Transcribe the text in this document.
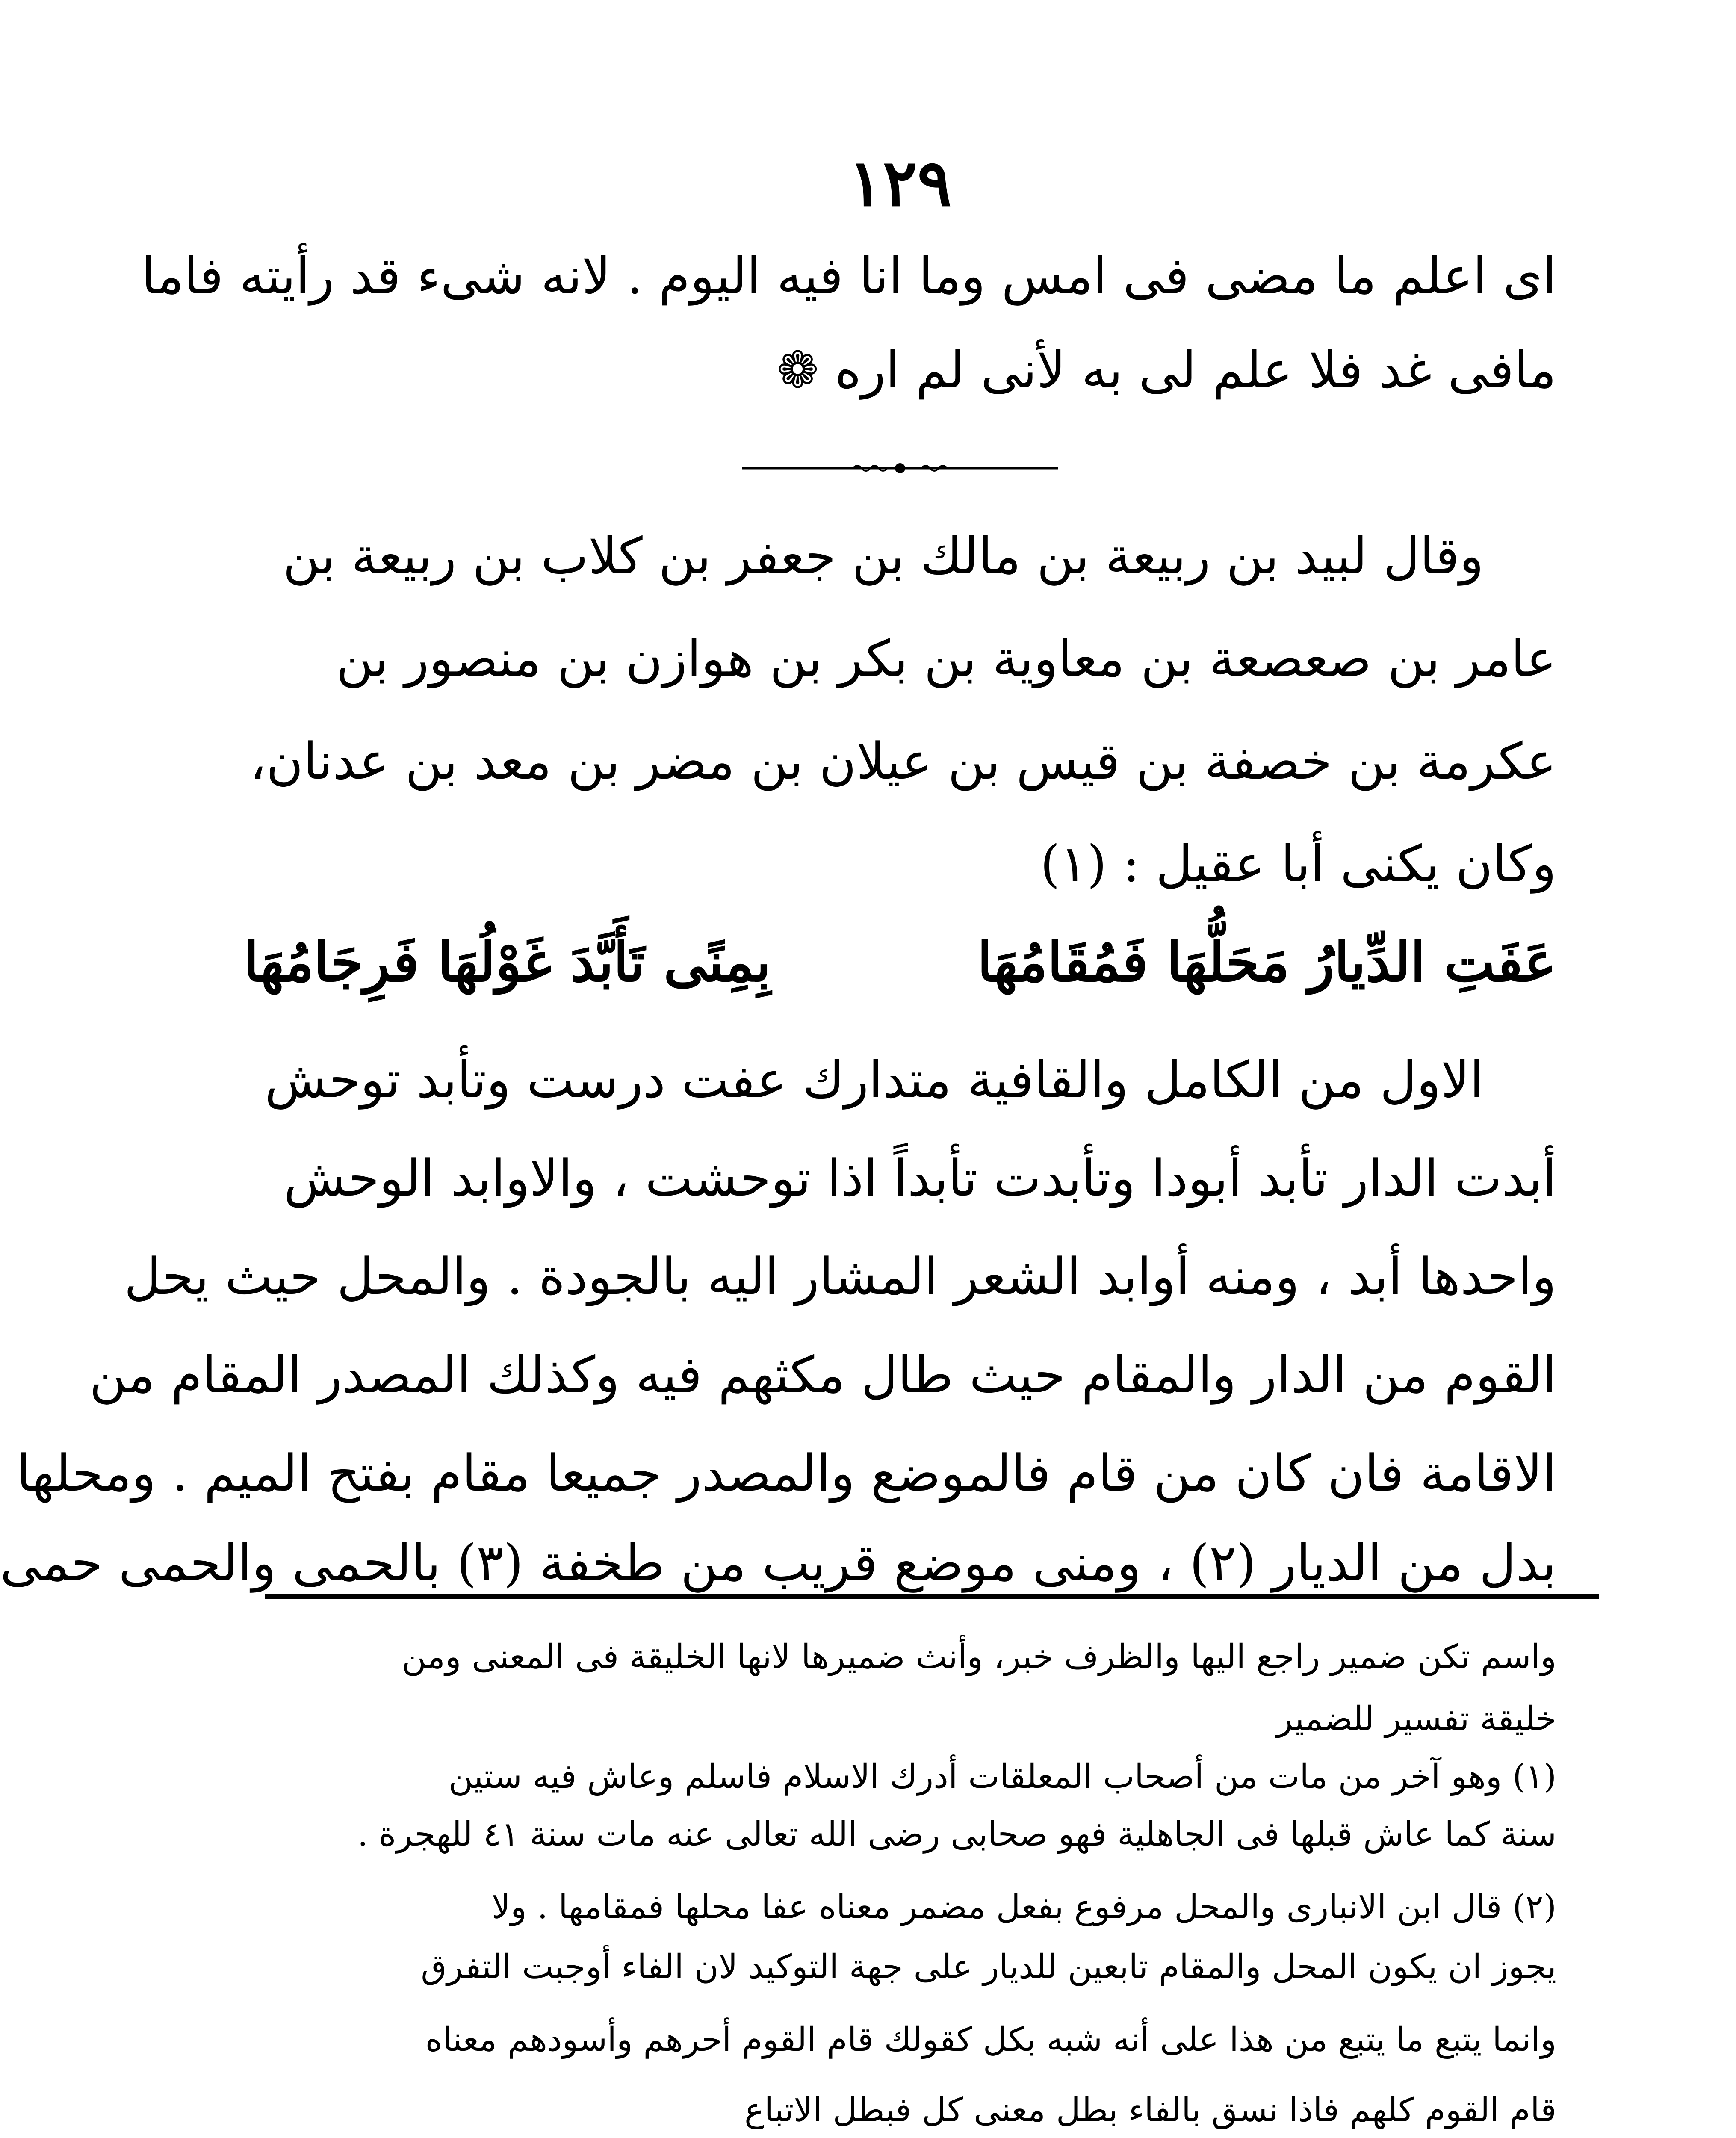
١٢٩
اى اعلم ما مضى فى امس وما انا فيه اليوم . لانه شىء قد رأيته فاما
مافى غد فلا علم لى به لأنى لم اره ❁
وقال لبيد بن ربيعة بن مالك بن جعفر بن كلاب بن ربيعة بن
عامر بن صعصعة بن معاوية بن بكر بن هوازن بن منصور بن
عكرمة بن خصفة بن قيس بن عيلان بن مضر بن معد بن عدنان،
وكان يكنى أبا عقيل : (١)
عَفَتِ الدِّيارُ مَحَلُّهَا فَمُقَامُهَا
بِمِنًى تَأَبَّدَ غَوْلُهَا فَرِجَامُهَا
الاول من الكامل والقافية متدارك عفت درست وتأبد توحش
أبدت الدار تأبد أبودا وتأبدت تأبداً اذا توحشت ، والاوابد الوحش
واحدها أبد ، ومنه أوابد الشعر المشار اليه بالجودة . والمحل حيث يحل
القوم من الدار والمقام حيث طال مكثهم فيه وكذلك المصدر المقام من
الاقامة فان كان من قام فالموضع والمصدر جميعا مقام بفتح الميم . ومحلها
بدل من الديار (٢) ، ومنى موضع قريب من طخفة (٣) بالحمى والحمى حمى
واسم تكن ضمير راجع اليها والظرف خبر، وأنث ضميرها لانها الخليقة فى المعنى ومن
خليقة تفسير للضمير
(١) وهو آخر من مات من أصحاب المعلقات أدرك الاسلام فاسلم وعاش فيه ستين
سنة كما عاش قبلها فى الجاهلية فهو صحابى رضى الله تعالى عنه مات سنة ٤١ للهجرة .
(٢) قال ابن الانبارى والمحل مرفوع بفعل مضمر معناه عفا محلها فمقامها . ولا
يجوز ان يكون المحل والمقام تابعين للديار على جهة التوكيد لان الفاء أوجبت التفرق
وانما يتبع ما يتبع من هذا على أنه شبه بكل كقولك قام القوم أحرهم وأسودهم معناه
قام القوم كلهم فاذا نسق بالفاء بطل معنى كل فبطل الاتباع
